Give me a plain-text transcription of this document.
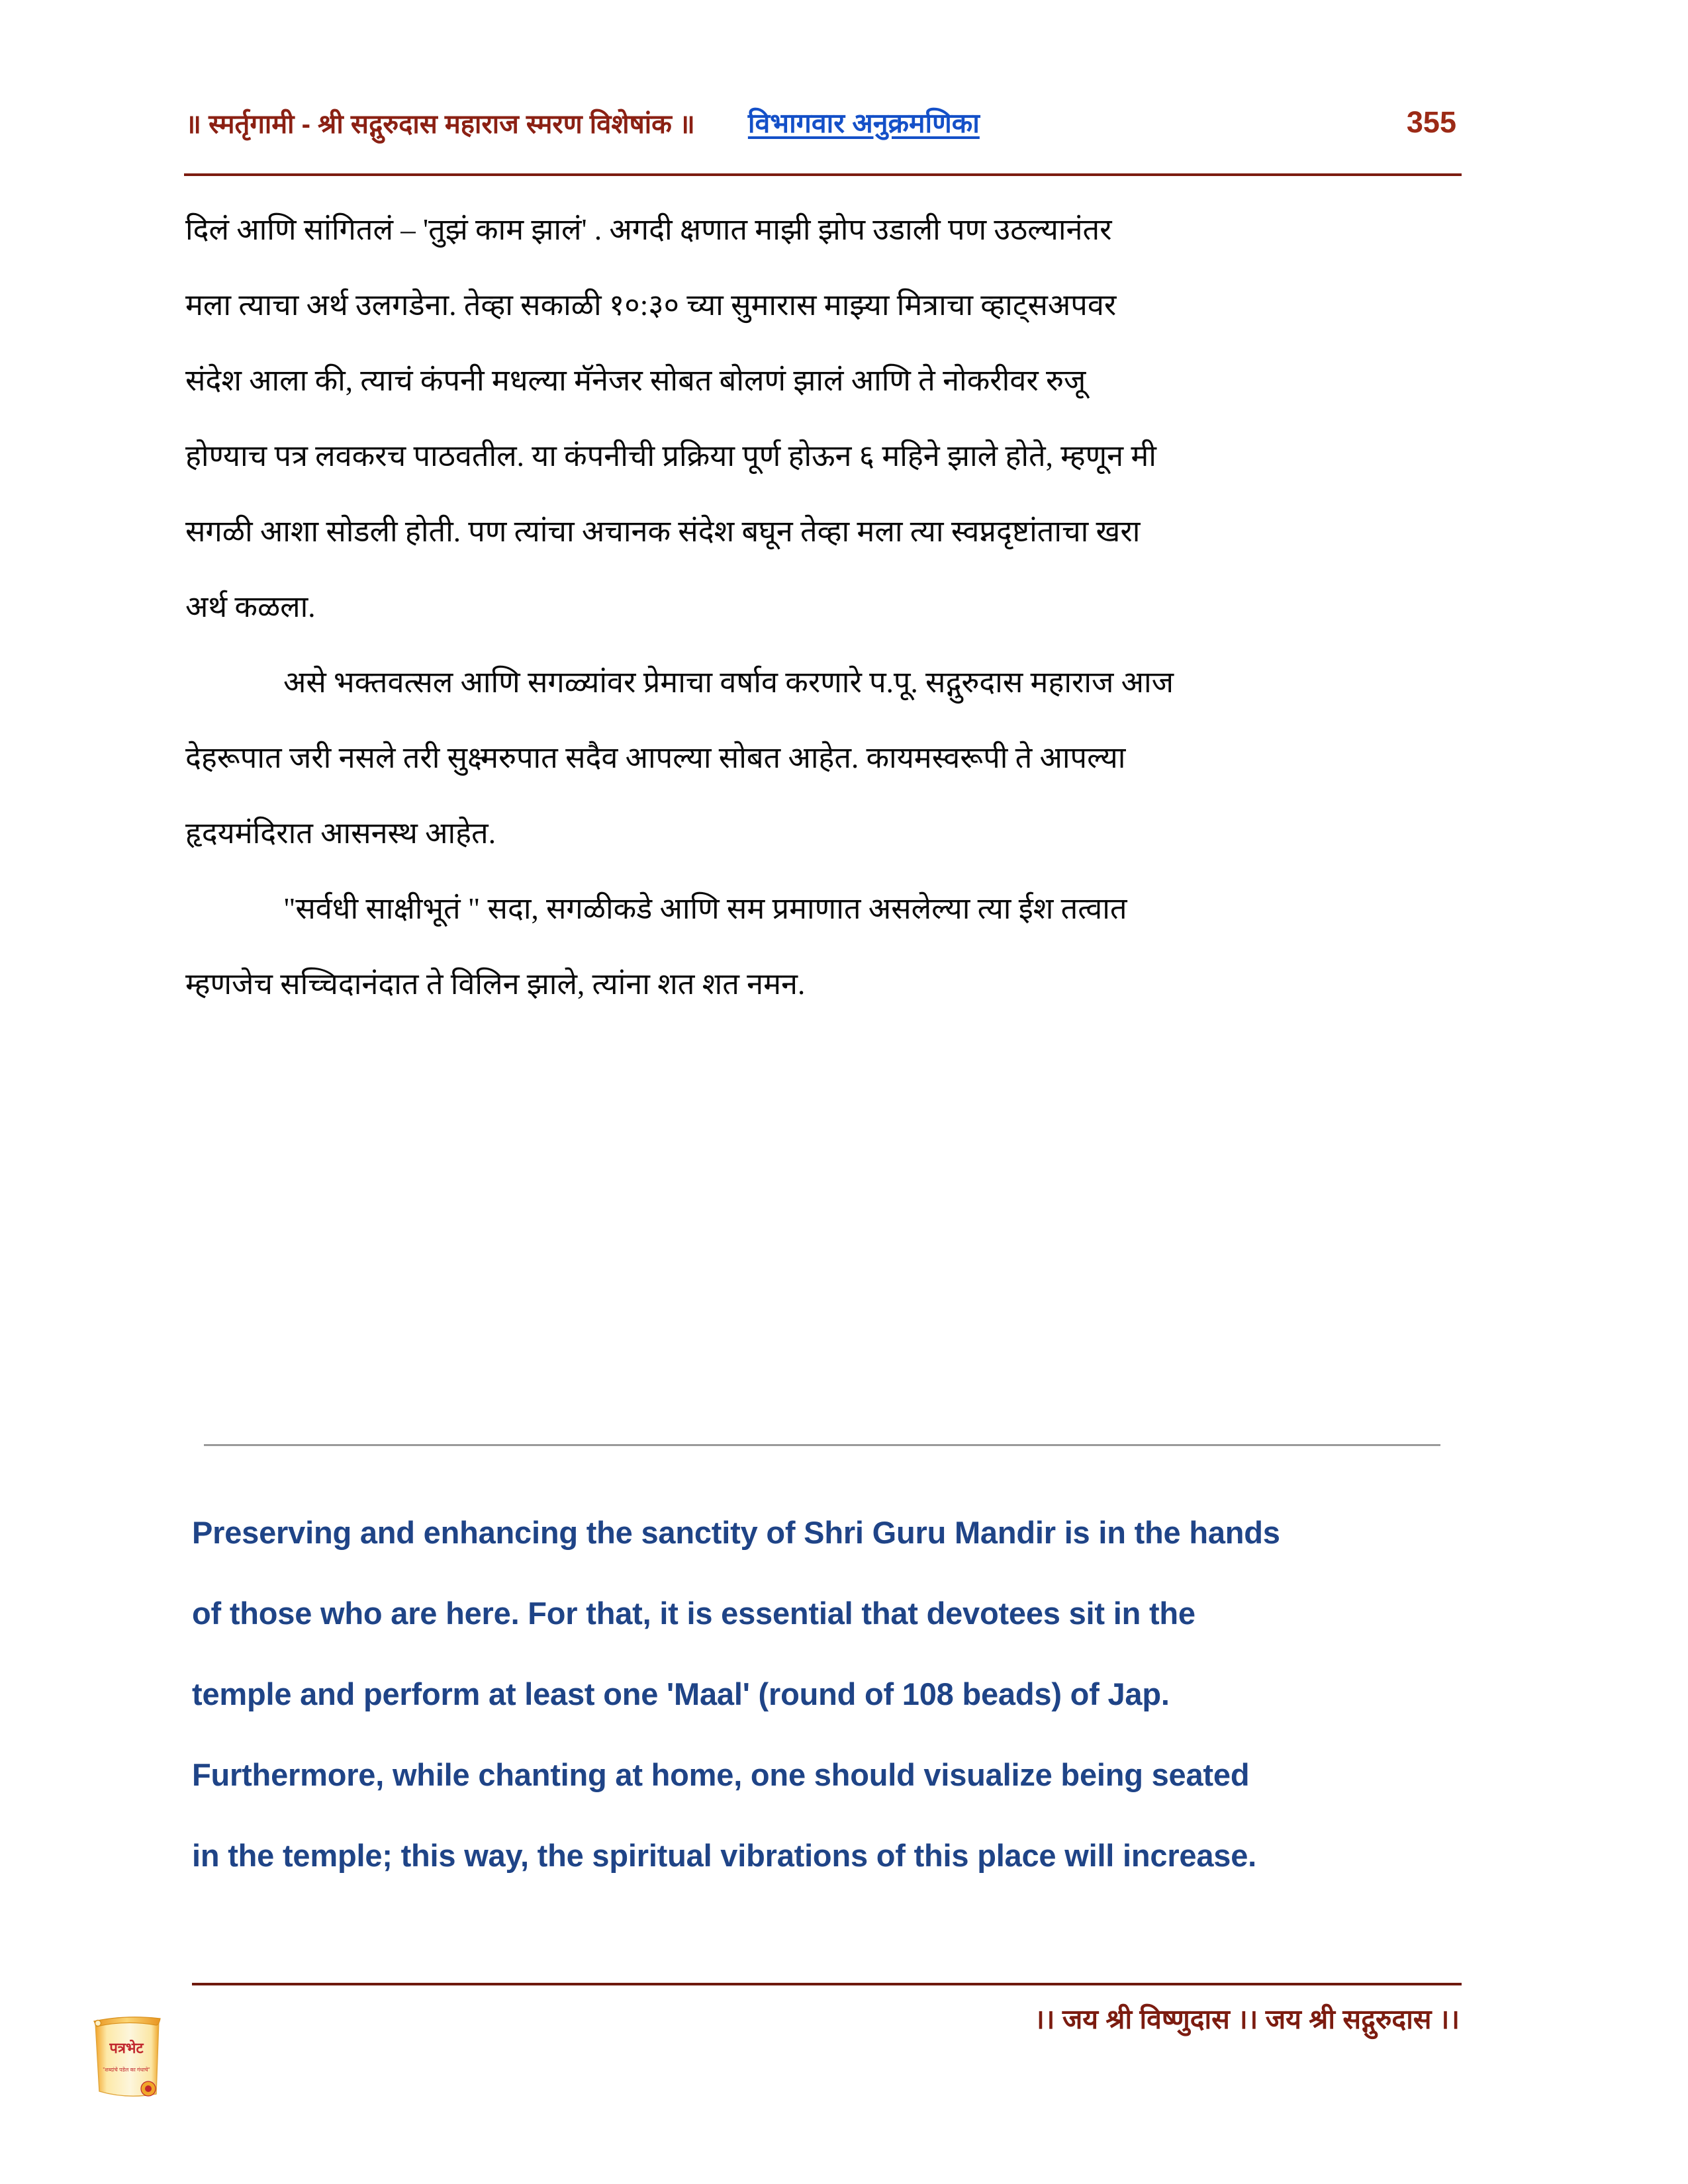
॥ स्मर्तृगामी - श्री सद्गुरुदास महाराज स्मरण विशेषांक ॥ विभागवार अनुक्रमणिका	355
दिलं आणि सांगितलं – 'तुझं काम झालं' . अगदी क्षणात माझी झोप उडाली पण उठल्यानंतर
मला त्याचा अर्थ उलगडेना. तेव्हा सकाळी १०:३० च्या सुमारास माझ्या मित्राचा व्हाट्सअपवर
संदेश आला की, त्याचं कंपनी मधल्या मॅनेजर सोबत बोलणं झालं आणि ते नोकरीवर रुजू
होण्याच पत्र लवकरच पाठवतील. या कंपनीची प्रक्रिया पूर्ण होऊन ६ महिने झाले होते, म्हणून मी
सगळी आशा सोडली होती. पण त्यांचा अचानक संदेश बघून तेव्हा मला त्या स्वप्नदृष्टांताचा खरा
अर्थ कळला.
असे भक्तवत्सल आणि सगळ्यांवर प्रेमाचा वर्षाव करणारे प.पू. सद्गुरुदास महाराज आज
देहरूपात जरी नसले तरी सुक्ष्मरुपात सदैव आपल्या सोबत आहेत. कायमस्वरूपी ते आपल्या
हृदयमंदिरात आसनस्थ आहेत.
"सर्वधी साक्षीभूतं " सदा, सगळीकडे आणि सम प्रमाणात असलेल्या त्या ईश तत्वात
म्हणजेच सच्चिदानंदात ते विलिन झाले, त्यांना शत शत नमन.
Preserving and enhancing the sanctity of Shri Guru Mandir is in the hands
of those who are here. For that, it is essential that devotees sit in the
temple and perform at least one 'Maal' (round of 108 beads) of Jap.
Furthermore, while chanting at home, one should visualize being seated
in the temple; this way, the spiritual vibrations of this place will increase.
।। जय श्री विष्णुदास ।। जय श्री सद्गुरुदास ।।
पत्रभेट
"शब्दांचे पडेल का गंधाचे"
